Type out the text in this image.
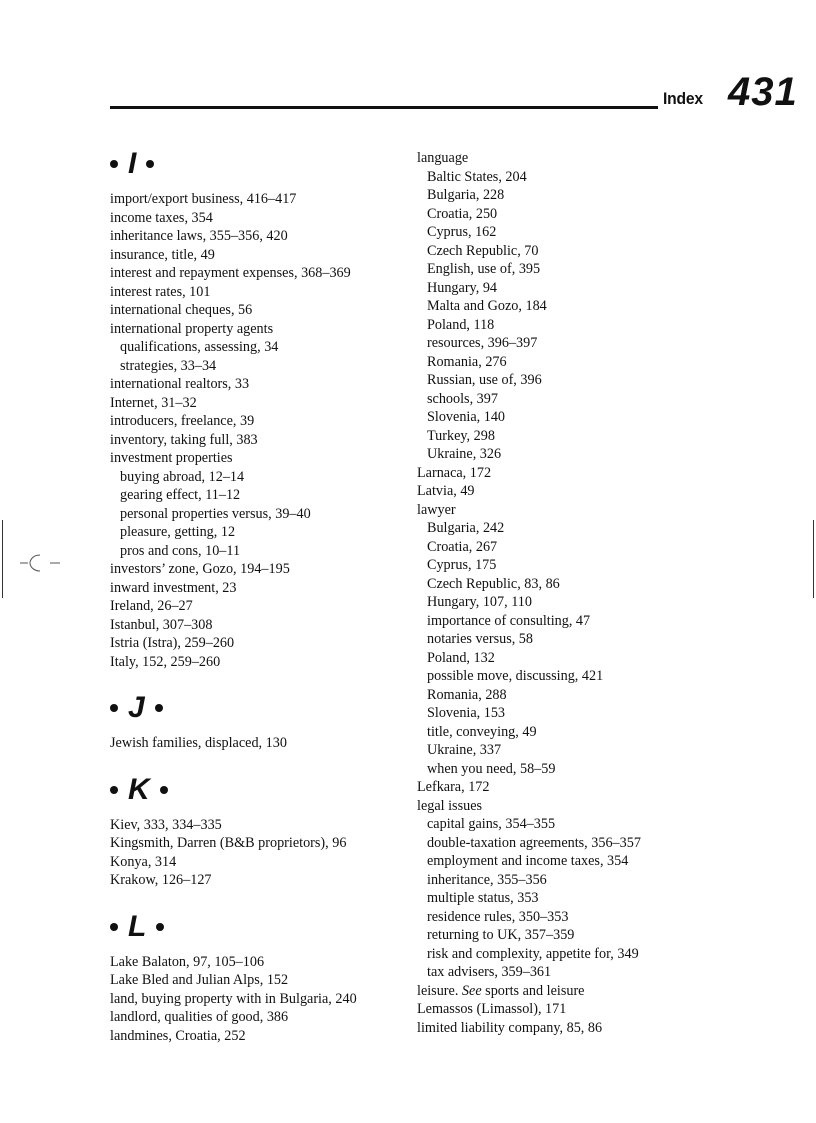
Index 431
I
import/export business, 416–417
income taxes, 354
inheritance laws, 355–356, 420
insurance, title, 49
interest and repayment expenses, 368–369
interest rates, 101
international cheques, 56
international property agents
qualifications, assessing, 34
strategies, 33–34
international realtors, 33
Internet, 31–32
introducers, freelance, 39
inventory, taking full, 383
investment properties
buying abroad, 12–14
gearing effect, 11–12
personal properties versus, 39–40
pleasure, getting, 12
pros and cons, 10–11
investors’ zone, Gozo, 194–195
inward investment, 23
Ireland, 26–27
Istanbul, 307–308
Istria (Istra), 259–260
Italy, 152, 259–260
J
Jewish families, displaced, 130
K
Kiev, 333, 334–335
Kingsmith, Darren (B&B proprietors), 96
Konya, 314
Krakow, 126–127
L
Lake Balaton, 97, 105–106
Lake Bled and Julian Alps, 152
land, buying property with in Bulgaria, 240
landlord, qualities of good, 386
landmines, Croatia, 252
language
Baltic States, 204
Bulgaria, 228
Croatia, 250
Cyprus, 162
Czech Republic, 70
English, use of, 395
Hungary, 94
Malta and Gozo, 184
Poland, 118
resources, 396–397
Romania, 276
Russian, use of, 396
schools, 397
Slovenia, 140
Turkey, 298
Ukraine, 326
Larnaca, 172
Latvia, 49
lawyer
Bulgaria, 242
Croatia, 267
Cyprus, 175
Czech Republic, 83, 86
Hungary, 107, 110
importance of consulting, 47
notaries versus, 58
Poland, 132
possible move, discussing, 421
Romania, 288
Slovenia, 153
title, conveying, 49
Ukraine, 337
when you need, 58–59
Lefkara, 172
legal issues
capital gains, 354–355
double-taxation agreements, 356–357
employment and income taxes, 354
inheritance, 355–356
multiple status, 353
residence rules, 350–353
returning to UK, 357–359
risk and complexity, appetite for, 349
tax advisers, 359–361
leisure. See sports and leisure
Lemassos (Limassol), 171
limited liability company, 85, 86
